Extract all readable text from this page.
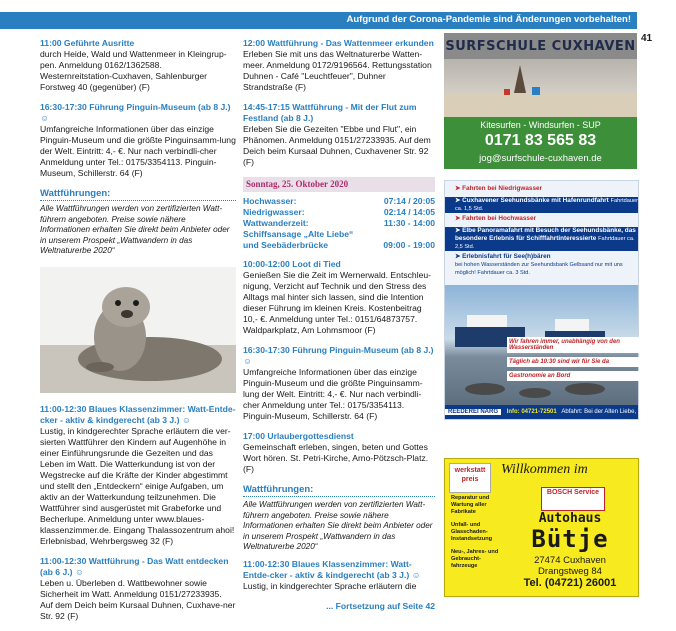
Aufgrund der Corona-Pandemie sind Änderungen vorbehalten!
41
11:00 Geführte Ausritte
durch Heide, Wald und Wattenmeer in Kleingrup-pen. Anmeldung 0162/1362588. Westernreitstation-Cuxhaven, Sahlenburger Forstweg 40 (gegenüber) (F)
16:30-17:30 Führung Pinguin-Museum (ab 8 J.) ☺
Umfangreiche Informationen über das einzige Pinguin-Museum und die größte Pinguinsamm-lung der Welt. Eintritt: 4,- €. Nur nach verbindli-cher Anmeldung unter Tel.: 0175/3354113. Pinguin-Museum, Schillerstr. 64 (F)
Wattführungen:
Alle Wattführungen werden von zertifizierten Watt-führern angeboten. Preise sowie nähere Informationen erhalten Sie direkt beim Anbieter oder in unserem Prospekt „Wattwandern in das Weltnaturerbe 2020“
11:00-12:30 Blaues Klassenzimmer: Watt-Entde-cker - aktiv & kindgerecht (ab 3 J.) ☺
Lustig, in kindgerechter Sprache erläutern die ver-sierten Wattführer den Kindern auf Augenhöhe in einer Einführungsrunde die Gezeiten und das Leben im Watt. Die Watterkundung ist von der Wegstrecke auf die Kräfte der Kinder abgestimmt und stellt den „Entdeckern“ einige Aufgaben, um aktiv an der Watterkundung teilzunehmen. Die Wattführer sind ausgerüstet mit Grabeforke und Becherlupe. Anmeldung unter www.blaues-klassenzimmer.de. Eingang Thalassozentrum ahoi! Erlebnisbad, Wehrbergsweg 32 (F)
11:00-12:30 Wattführung - Das Watt entdecken (ab 6 J.) ☺
Leben u. Überleben d. Wattbewohner sowie Sicherheit im Watt. Anmeldung 0151/27233935. Auf dem Deich beim Kursaal Duhnen, Cuxhave-ner Str. 92 (F)
12:00 Wattführung - Das Wattenmeer erkunden
Erleben Sie mit uns das Weltnaturerbe Watten-meer. Anmeldung 0172/9196564. Rettungsstation Duhnen - Café "Leuchtfeuer", Duhner Strandstraße (F)
14:45-17:15 Wattführung - Mit der Flut zum Festland (ab 8 J.)
Erleben Sie die Gezeiten "Ebbe und Flut", ein Phänomen. Anmeldung 0151/27233935. Auf dem Deich beim Kursaal Duhnen, Cuxhavener Str. 92 (F)
Sonntag, 25. Oktober 2020
Hochwasser:	07:14 / 20:05
Niedrigwasser:	02:14 / 14:05
Wattwanderzeit:	11:30 - 14:00
Schiffsansage „Alte Liebe“
und Seebäderbrücke	09:00 - 19:00
10:00-12:00 Loot di Tied
Genießen Sie die Zeit im Wernerwald. Entschleu-nigung, Verzicht auf Technik und den Stress des Alltags mal hinter sich lassen, sind die Intention dieser Führung im kleinen Kreis. Kostenbeitrag 10,- €. Anmeldung unter Tel.: 0151/64873757. Waldparkplatz, Am Lohmsmoor (F)
16:30-17:30 Führung Pinguin-Museum (ab 8 J.) ☺
Umfangreiche Informationen über das einzige Pinguin-Museum und die größte Pinguinsamm-lung der Welt. Eintritt: 4,- €. Nur nach verbindli-cher Anmeldung unter Tel.: 0175/3354113. Pinguin-Museum, Schillerstr. 64 (F)
17:00 Urlaubergottesdienst
Gemeinschaft erleben, singen, beten und Gottes Wort hören. St. Petri-Kirche, Arno-Pötzsch-Platz. (F)
Wattführungen:
Alle Wattführungen werden von zertifizierten Watt-führern angeboten. Preise sowie nähere Informationen erhalten Sie direkt beim Anbieter oder in unserem Prospekt „Wattwandern in das Weltnaturerbe 2020“
11:00-12:30 Blaues Klassenzimmer: Watt-Entde-cker - aktiv & kindgerecht (ab 3 J.) ☺
Lustig, in kindgerechter Sprache erläutern die
... Fortsetzung auf Seite 42
SURFSCHULE CUXHAVEN
Kitesurfen - Windsurfen - SUP
0171 83 565 83
jog@surfschule-cuxhaven.de
➤ Fahrten bei Niedrigwasser
➤ Cuxhavener Seehundsbänke mit Hafenrundfahrt Fahrtdauer ca. 1,5 Std.
➤ Fahrten bei Hochwasser
➤ Elbe Panoramafahrt mit Besuch der Seehundsbänke, das besondere Erlebnis für Schifffahrtinteressierte Fahrtdauer ca. 2,5 Std.
➤ Erlebnisfahrt für See(h)bären
bei hohen Wasserständen zur Seehundsbank Gelbsand nur mit uns möglich! Fahrtdauer ca. 3 Std.
Wir fahren immer, unabhängig von den Wasserständen
Täglich ab 10:30 sind wir für Sie da
Gastronomie an Bord
REEDEREI NARG Info: 04721-72501 Abfahrt: Bei der Alten Liebe, 27472 Cuxhaven
werkstatt preis
Willkommen im
Reparatur und Wartung aller Fabrikate
Unfall- und Glasschaden-Instandsetzung
Neu-, Jahres- und Gebraucht-fahrzeuge
BOSCH Service
Autohaus
Bütje
27474 Cuxhaven
Drangstweg 84
Tel. (04721) 26001
